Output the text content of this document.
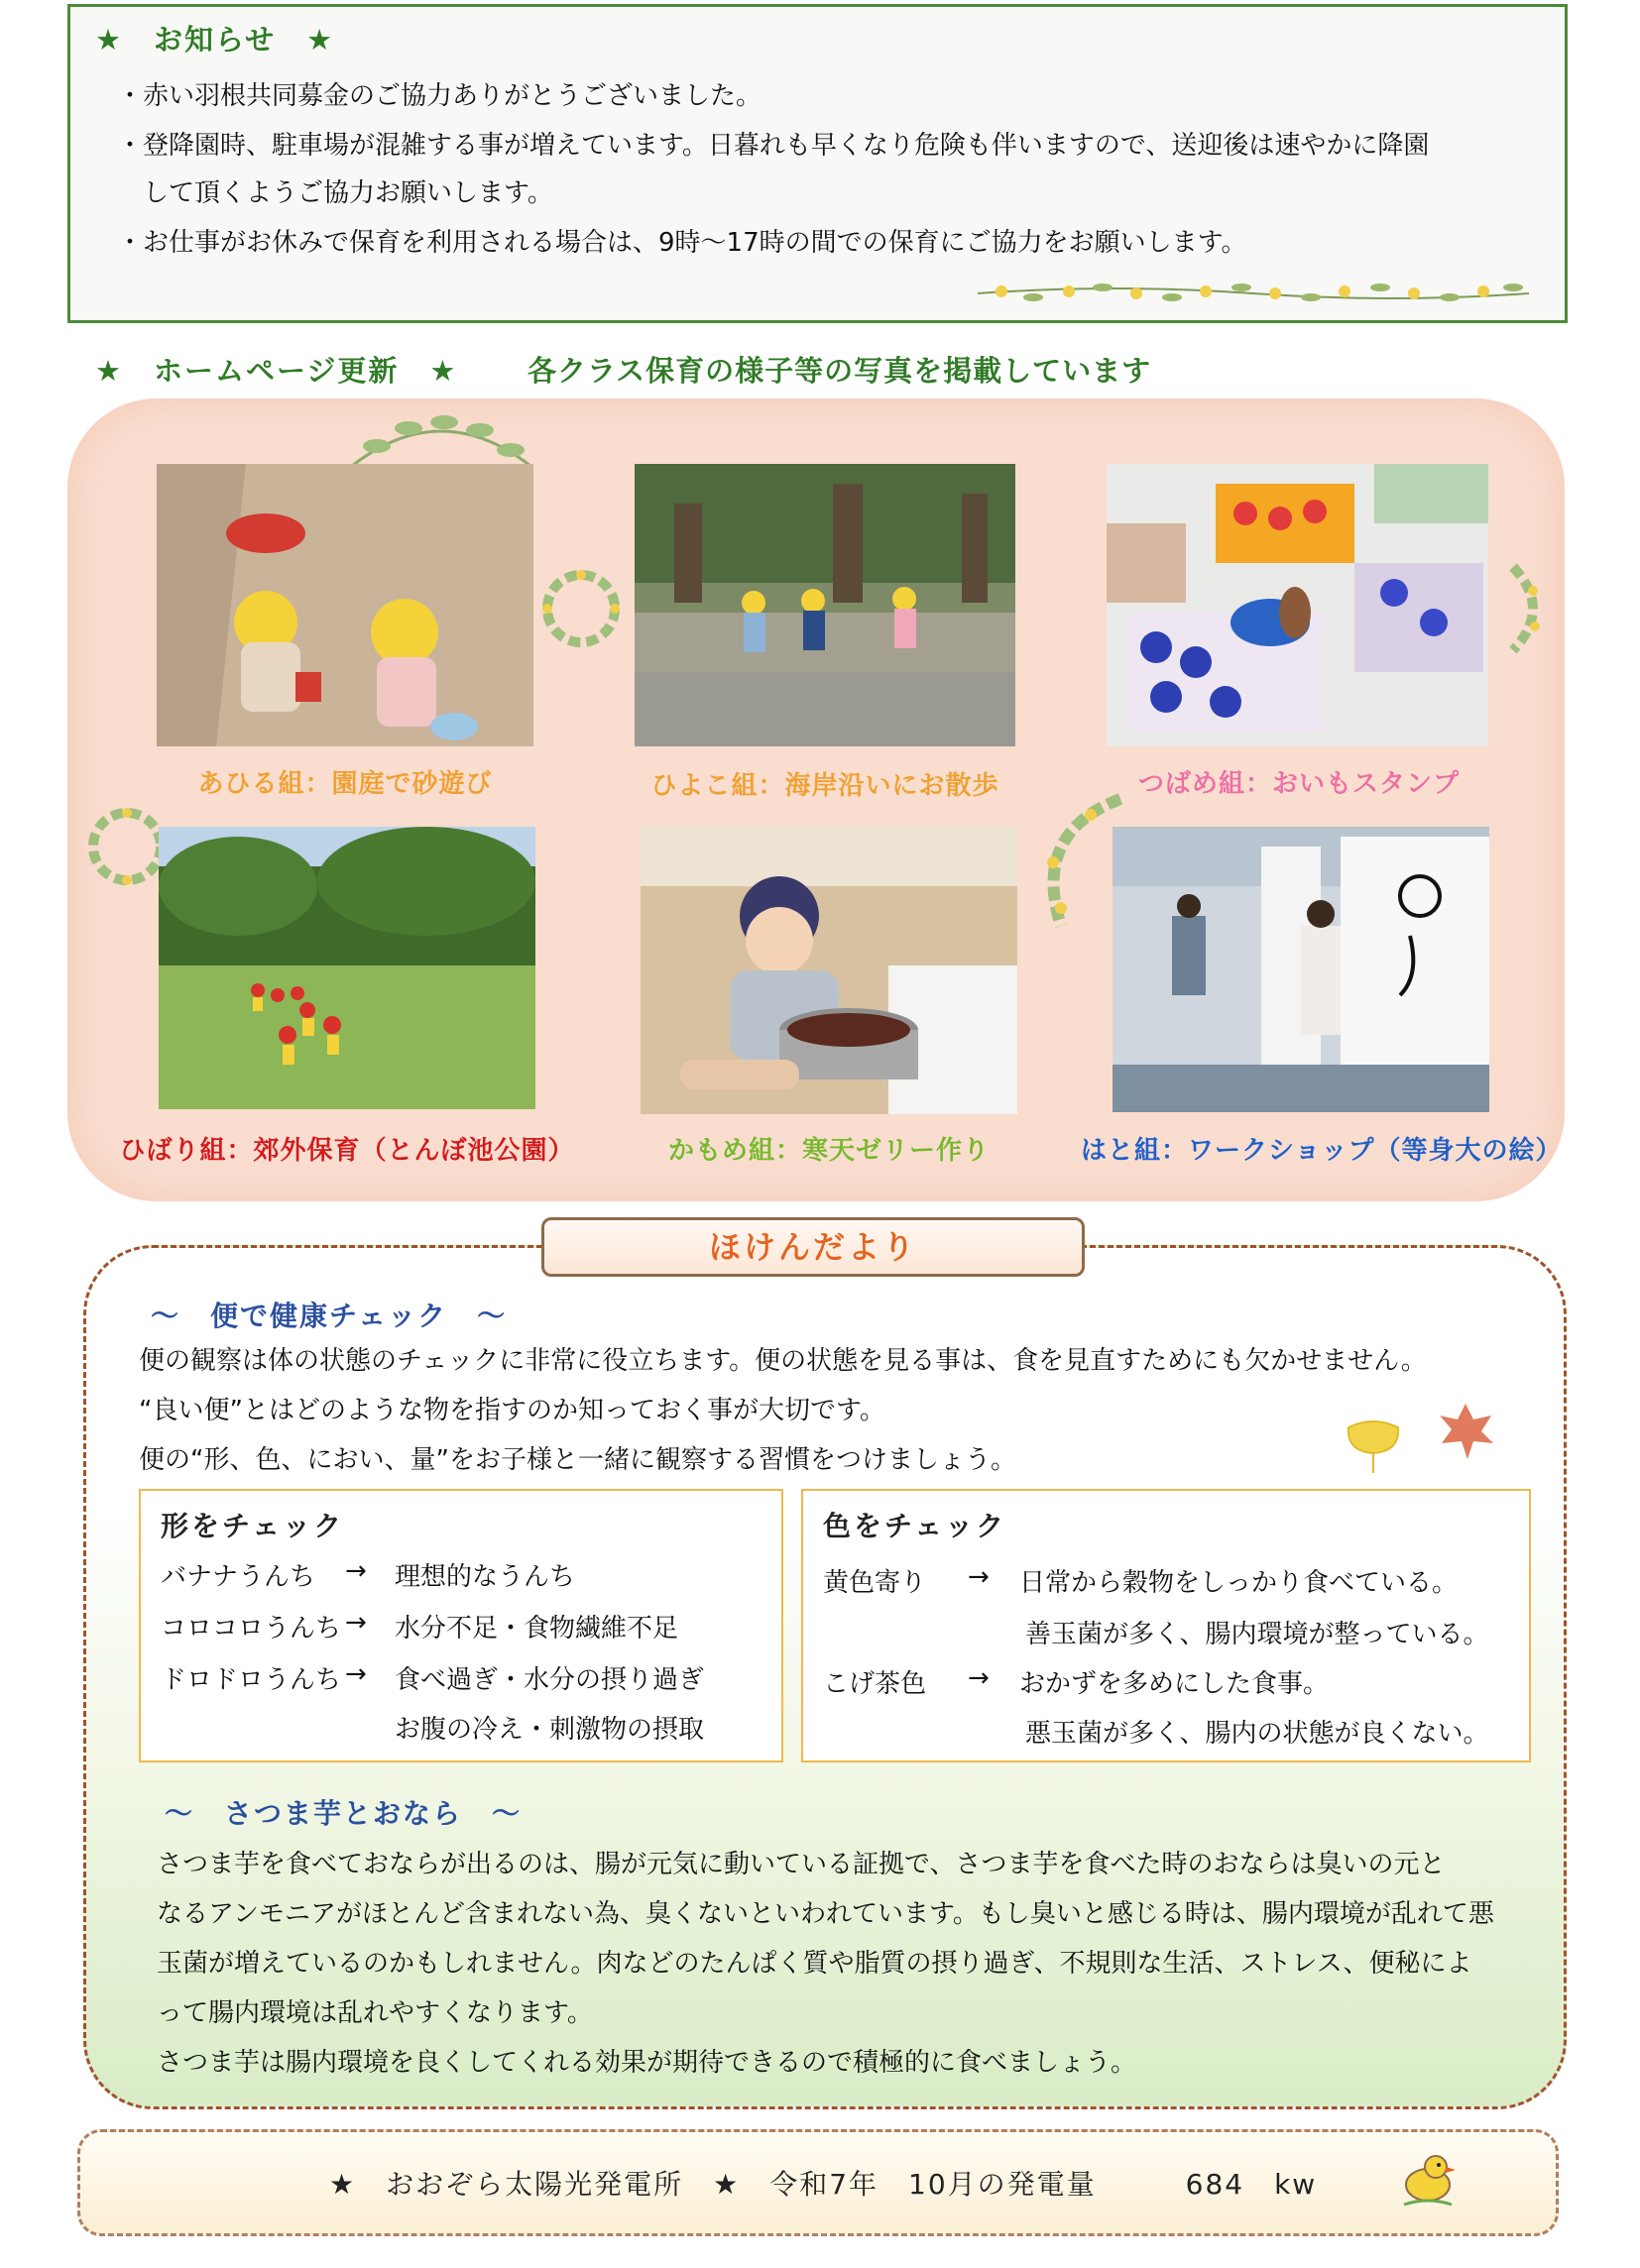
★　お知らせ　★
・赤い羽根共同募金のご協力ありがとうございました。
・登降園時、駐車場が混雑する事が増えています。日暮れも早くなり危険も伴いますので、送迎後は速やかに降園
　して頂くようご協力お願いします。
・お仕事がお休みで保育を利用される場合は、9時～17時の間での保育にご協力をお願いします。
★　ホームページ更新　★ 各クラス保育の様子等の写真を掲載しています
あひる組：園庭で砂遊び	ひよこ組：海岸沿いにお散歩	つばめ組：おいもスタンプ
ひばり組：郊外保育（とんぼ池公園）	かもめ組：寒天ゼリー作り	はと組：ワークショップ（等身大の絵）
ほけんだより
～　便で健康チェック　～
便の観察は体の状態のチェックに非常に役立ちます。便の状態を見る事は、食を見直すためにも欠かせません。
“良い便”とはどのような物を指すのか知っておく事が大切です。
便の“形、色、におい、量”をお子様と一緒に観察する習慣をつけましょう。
形をチェック
バナナうんち → 理想的なうんち
コロコロうんち → 水分不足・食物繊維不足
ドロドロうんち → 食べ過ぎ・水分の摂り過ぎ
お腹の冷え・刺激物の摂取
色をチェック
黄色寄り → 日常から穀物をしっかり食べている。
善玉菌が多く、腸内環境が整っている。
こげ茶色 → おかずを多めにした食事。
悪玉菌が多く、腸内の状態が良くない。
～　さつま芋とおなら　～
さつま芋を食べておならが出るのは、腸が元気に動いている証拠で、さつま芋を食べた時のおならは臭いの元と
なるアンモニアがほとんど含まれない為、臭くないといわれています。もし臭いと感じる時は、腸内環境が乱れて悪
玉菌が増えているのかもしれません。肉などのたんぱく質や脂質の摂り過ぎ、不規則な生活、ストレス、便秘によ
って腸内環境は乱れやすくなります。
さつま芋は腸内環境を良くしてくれる効果が期待できるので積極的に食べましょう。
★　おおぞら太陽光発電所　★　令和7年　10月の発電量　　　684　kw
